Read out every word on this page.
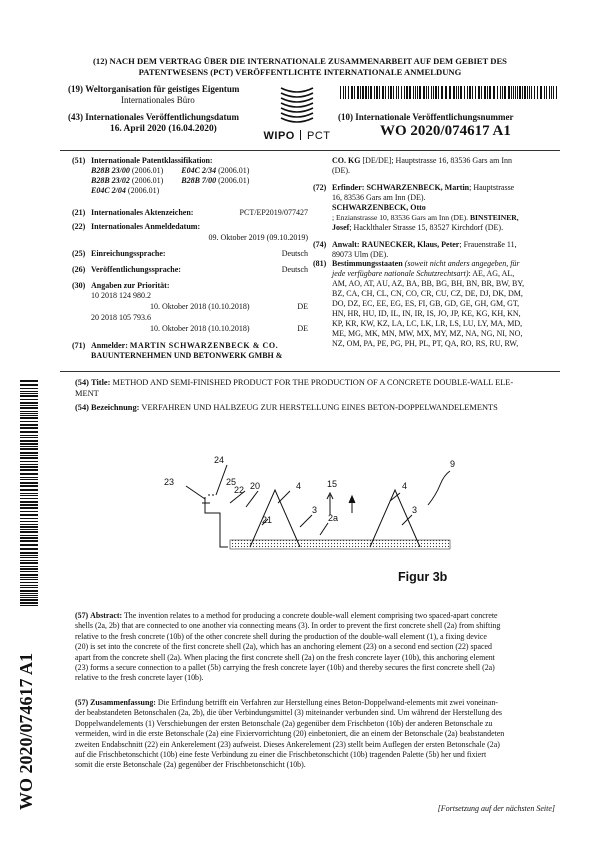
(12) NACH DEM VERTRAG ÜBER DIE INTERNATIONALE ZUSAMMENARBEIT AUF DEM GEBIET DES
PATENTWESENS (PCT) VERÖFFENTLICHTE INTERNATIONALE ANMELDUNG
(19) Weltorganisation für geistiges Eigentum
Internationales Büro
(43) Internationales Veröffentlichungsdatum
16. April 2020 (16.04.2020)
WIPO PCT
(10) Internationale Veröffentlichungsnummer
WO 2020/074617 A1
(51) Internationale Patentklassifikation:
B28B 23/00 (2006.01) E04C 2/34 (2006.01)
B28B 23/02 (2006.01) B28B 7/00 (2006.01)
E04C 2/04 (2006.01)
(21) Internationales Aktenzeichen:	PCT/EP2019/077427
(22) Internationales Anmeldedatum:
09. Oktober 2019 (09.10.2019)
(25) Einreichungssprache:	Deutsch
(26) Veröffentlichungssprache:	Deutsch
(30) Angaben zur Priorität:
10 2018 124 980.2
10. Oktober 2018 (10.10.2018)	DE
20 2018 105 793.6
10. Oktober 2018 (10.10.2018)	DE
(71) Anmelder: MARTIN SCHWARZENBECK & CO.
BAUUNTERNEHMEN UND BETONWERK GMBH &
CO. KG [DE/DE]; Hauptstrasse 16, 83536 Gars am Inn
(DE).
(72) Erfinder: SCHWARZENBECK, Martin; Hauptstrasse
16, 83536 Gars am Inn (DE).
SCHWARZENBECK, Otto
; Enzianstrasse 10, 83536 Gars am Inn (DE). BINSTEINER,
Josef; Hacklthaler Strasse 15, 83527 Kirchdorf (DE).
(74) Anwalt: RAUNECKER, Klaus, Peter; Frauenstraße 11,
89073 Ulm (DE).
(81) Bestimmungsstaaten (soweit nicht anders angegeben, für
jede verfügbare nationale Schutzrechtsart): AE, AG, AL,
AM, AO, AT, AU, AZ, BA, BB, BG, BH, BN, BR, BW, BY,
BZ, CA, CH, CL, CN, CO, CR, CU, CZ, DE, DJ, DK, DM,
DO, DZ, EC, EE, EG, ES, FI, GB, GD, GE, GH, GM, GT,
HN, HR, HU, ID, IL, IN, IR, IS, JO, JP, KE, KG, KH, KN,
KP, KR, KW, KZ, LA, LC, LK, LR, LS, LU, LY, MA, MD,
ME, MG, MK, MN, MW, MX, MY, MZ, NA, NG, NI, NO,
NZ, OM, PA, PE, PG, PH, PL, PT, QA, RO, RS, RU, RW,
WO 2020/074617 A1
(54) Title: METHOD AND SEMI-FINISHED PRODUCT FOR THE PRODUCTION OF A CONCRETE DOUBLE-WALL ELE-
MENT
(54) Bezeichnung: VERFAHREN UND HALBZEUG ZUR HERSTELLUNG EINES BETON-DOPPELWANDELEMENTS
24
23	25
22 20	4	15	4
9
21
3
2a
3
Figur 3b
(57) Abstract: The invention relates to a method for producing a concrete double-wall element comprising two spaced-apart concrete
shells (2a, 2b) that are connected to one another via connecting means (3). In order to prevent the first concrete shell (2a) from shifting
relative to the fresh concrete (10b) of the other concrete shell during the production of the double-wall element (1), a fixing device
(20) is set into the concrete of the first concrete shell (2a), which has an anchoring element (23) on a second end section (22) spaced
apart from the concrete shell (2a). When placing the first concrete shell (2a) on the fresh concrete layer (10b), this anchoring element
(23) forms a secure connection to a pallet (5b) carrying the fresh concrete layer (10b) and thereby secures the first concrete shell (2a)
relative to the fresh concrete layer (10b).
(57) Zusammenfassung: Die Erfindung betrifft ein Verfahren zur Herstellung eines Beton-Doppelwand-elements mit zwei voneinan-
der beabstandeten Betonschalen (2a, 2b), die über Verbindungsmittel (3) miteinander verbunden sind. Um während der Herstellung des
Doppelwandelements (1) Verschiebungen der ersten Betonschale (2a) gegenüber dem Frischbeton (10b) der anderen Betonschale zu
vermeiden, wird in die erste Betonschale (2a) eine Fixiervorrichtung (20) einbetoniert, die an einem der Betonschale (2a) beabstandeten
zweiten Endabschnitt (22) ein Ankerelement (23) aufweist. Dieses Ankerelement (23) stellt beim Auflegen der ersten Betonschale (2a)
auf die Frischbetonschicht (10b) eine feste Verbindung zu einer die Frischbetonschicht (10b) tragenden Palette (5b) her und fixiert
somit die erste Betonschale (2a) gegenüber der Frischbetonschicht (10b).
[Fortsetzung auf der nächsten Seite]
